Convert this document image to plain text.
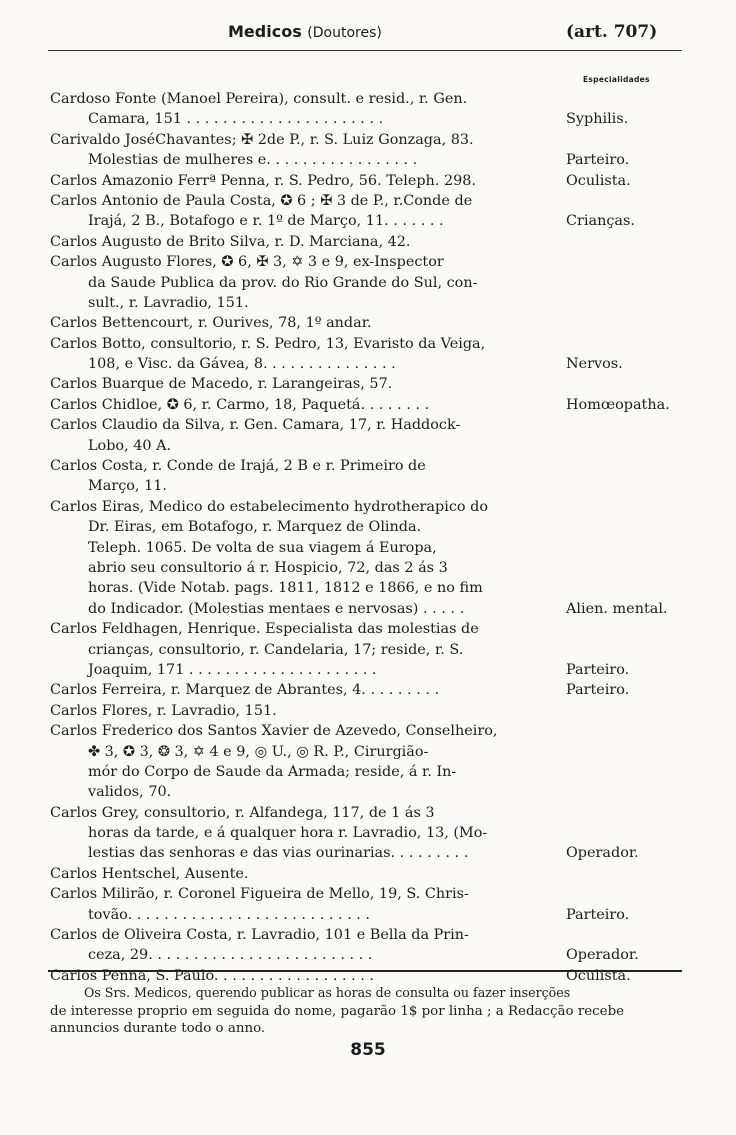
Medicos (Doutores)	(art. 707)
Especialidades
Cardoso Fonte (Manoel Pereira), consult. e resid., r. Gen.
Camara, 151 . . . . . . . . . . . . . . . . . . . . . .	Syphilis.
Carivaldo JoséChavantes; ✠ 2de P., r. S. Luiz Gonzaga, 83.
Molestias de mulheres e. . . . . . . . . . . . . . . . .	Parteiro.
Carlos Amazonio Ferrª Penna, r. S. Pedro, 56. Teleph. 298.	Oculista.
Carlos Antonio de Paula Costa, ✪ 6 ; ✠ 3 de P., r.Conde de
Irajá, 2 B., Botafogo e r. 1º de Março, 11. . . . . . .	Crianças.
Carlos Augusto de Brito Silva, r. D. Marciana, 42.
Carlos Augusto Flores, ✪ 6, ✠ 3, ✡ 3 e 9, ex-Inspector
da Saude Publica da prov. do Rio Grande do Sul, con-
sult., r. Lavradio, 151.
Carlos Bettencourt, r. Ourives, 78, 1º andar.
Carlos Botto, consultorio, r. S. Pedro, 13, Evaristo da Veiga,
108, e Visc. da Gávea, 8. . . . . . . . . . . . . . .	Nervos.
Carlos Buarque de Macedo, r. Larangeiras, 57.
Carlos Chidloe, ✪ 6, r. Carmo, 18, Paquetá. . . . . . . .	Homœopatha.
Carlos Claudio da Silva, r. Gen. Camara, 17, r. Haddock-
Lobo, 40 A.
Carlos Costa, r. Conde de Irajá, 2 B e r. Primeiro de
Março, 11.
Carlos Eiras, Medico do estabelecimento hydrotherapico do
Dr. Eiras, em Botafogo, r. Marquez de Olinda.
Teleph. 1065. De volta de sua viagem á Europa,
abrio seu consultorio á r. Hospicio, 72, das 2 ás 3
horas. (Vide Notab. pags. 1811, 1812 e 1866, e no fim
do Indicador. (Molestias mentaes e nervosas) . . . . .	Alien. mental.
Carlos Feldhagen, Henrique. Especialista das molestias de
crianças, consultorio, r. Candelaria, 17; reside, r. S.
Joaquim, 171 . . . . . . . . . . . . . . . . . . . . .	Parteiro.
Carlos Ferreira, r. Marquez de Abrantes, 4. . . . . . . . .	Parteiro.
Carlos Flores, r. Lavradio, 151.
Carlos Frederico dos Santos Xavier de Azevedo, Conselheiro,
✤ 3, ✪ 3, ❂ 3, ✡ 4 e 9, ◎ U., ◎ R. P., Cirurgião-
mór do Corpo de Saude da Armada; reside, á r. In-
validos, 70.
Carlos Grey, consultorio, r. Alfandega, 117, de 1 ás 3
horas da tarde, e á qualquer hora r. Lavradio, 13, (Mo-
lestias das senhoras e das vias ourinarias. . . . . . . . .	Operador.
Carlos Hentschel, Ausente.
Carlos Milirão, r. Coronel Figueira de Mello, 19, S. Chris-
tovão. . . . . . . . . . . . . . . . . . . . . . . . . . .	Parteiro.
Carlos de Oliveira Costa, r. Lavradio, 101 e Bella da Prin-
ceza, 29. . . . . . . . . . . . . . . . . . . . . . . . .	Operador.
Carlos Penna, S. Paulo. . . . . . . . . . . . . . . . . .	Oculista.
Os Srs. Medicos, querendo publicar as horas de consulta ou fazer inserções
de interesse proprio em seguida do nome, pagarão 1$ por linha ; a Redacção recebe
annuncios durante todo o anno.
855
